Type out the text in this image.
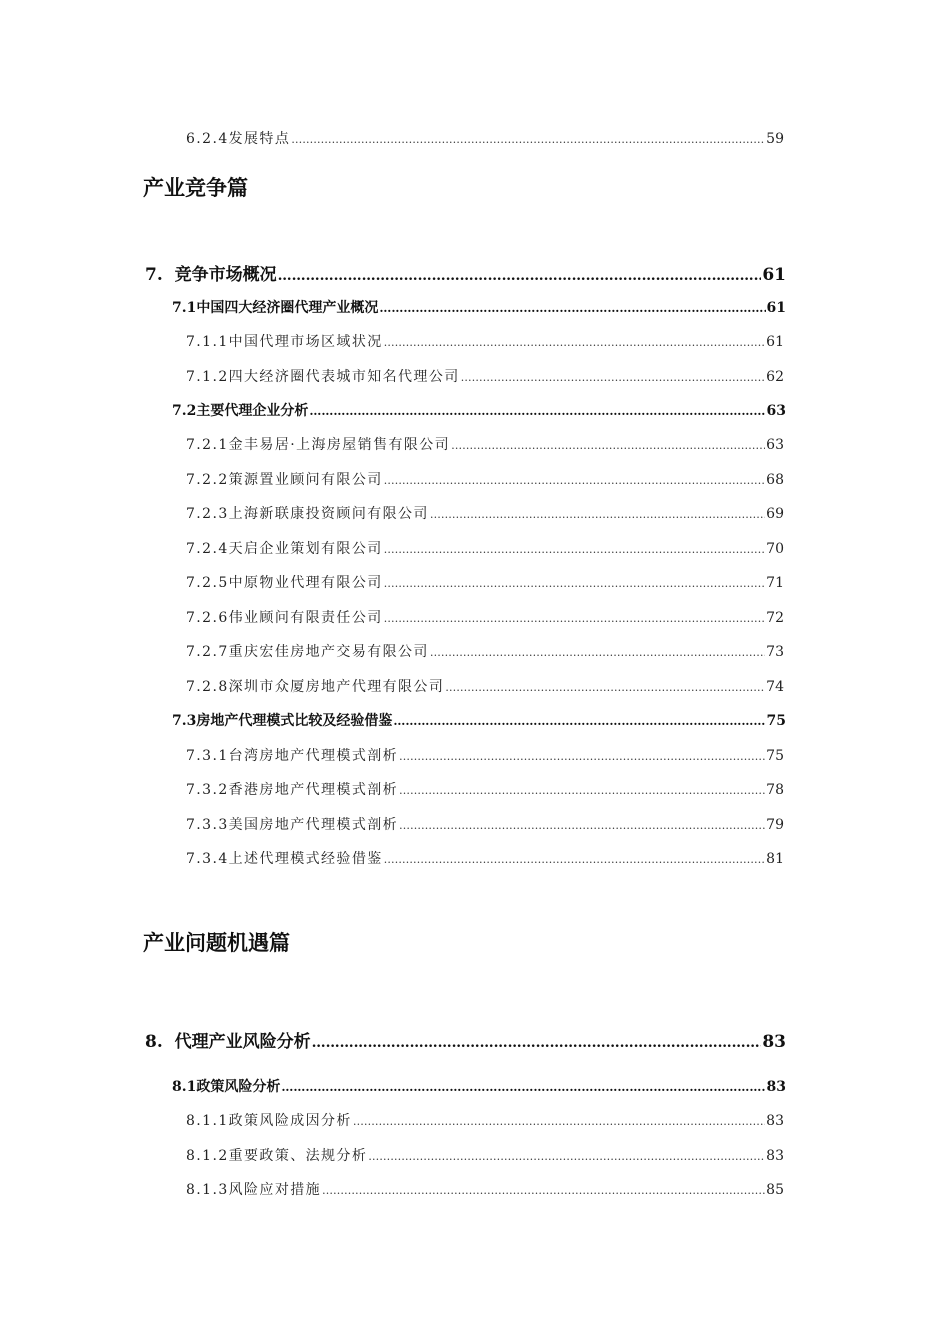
6.2.4发展特点 ……………………………………………………………………………………………………………………………………………………………………………………………	59
产业竞争篇
7.  竞争市场概况 ……………………………………………………………………………………………………………………………………………………………………………………………	61
7.1中国四大经济圈代理产业概况 ……………………………………………………………………………………………………………………………………………………………………………………………	61
7.1.1中国代理市场区域状况 ……………………………………………………………………………………………………………………………………………………………………………………………	61
7.1.2四大经济圈代表城市知名代理公司 ……………………………………………………………………………………………………………………………………………………………………………………………	62
7.2主要代理企业分析 ……………………………………………………………………………………………………………………………………………………………………………………………	63
7.2.1金丰易居·上海房屋销售有限公司 ……………………………………………………………………………………………………………………………………………………………………………………………	63
7.2.2策源置业顾问有限公司 ……………………………………………………………………………………………………………………………………………………………………………………………	68
7.2.3上海新联康投资顾问有限公司 ……………………………………………………………………………………………………………………………………………………………………………………………	69
7.2.4天启企业策划有限公司 ……………………………………………………………………………………………………………………………………………………………………………………………	70
7.2.5中原物业代理有限公司 ……………………………………………………………………………………………………………………………………………………………………………………………	71
7.2.6伟业顾问有限责任公司 ……………………………………………………………………………………………………………………………………………………………………………………………	72
7.2.7重庆宏佳房地产交易有限公司 ……………………………………………………………………………………………………………………………………………………………………………………………	73
7.2.8深圳市众厦房地产代理有限公司 ……………………………………………………………………………………………………………………………………………………………………………………………	74
7.3房地产代理模式比较及经验借鉴 ……………………………………………………………………………………………………………………………………………………………………………………………	75
7.3.1台湾房地产代理模式剖析 ……………………………………………………………………………………………………………………………………………………………………………………………	75
7.3.2香港房地产代理模式剖析 ……………………………………………………………………………………………………………………………………………………………………………………………	78
7.3.3美国房地产代理模式剖析 ……………………………………………………………………………………………………………………………………………………………………………………………	79
7.3.4上述代理模式经验借鉴 ……………………………………………………………………………………………………………………………………………………………………………………………	81
产业问题机遇篇
8.  代理产业风险分析 ……………………………………………………………………………………………………………………………………………………………………………………………	83
8.1政策风险分析 ……………………………………………………………………………………………………………………………………………………………………………………………	83
8.1.1政策风险成因分析 ……………………………………………………………………………………………………………………………………………………………………………………………	83
8.1.2重要政策、法规分析 ……………………………………………………………………………………………………………………………………………………………………………………………	83
8.1.3风险应对措施 ……………………………………………………………………………………………………………………………………………………………………………………………	85
